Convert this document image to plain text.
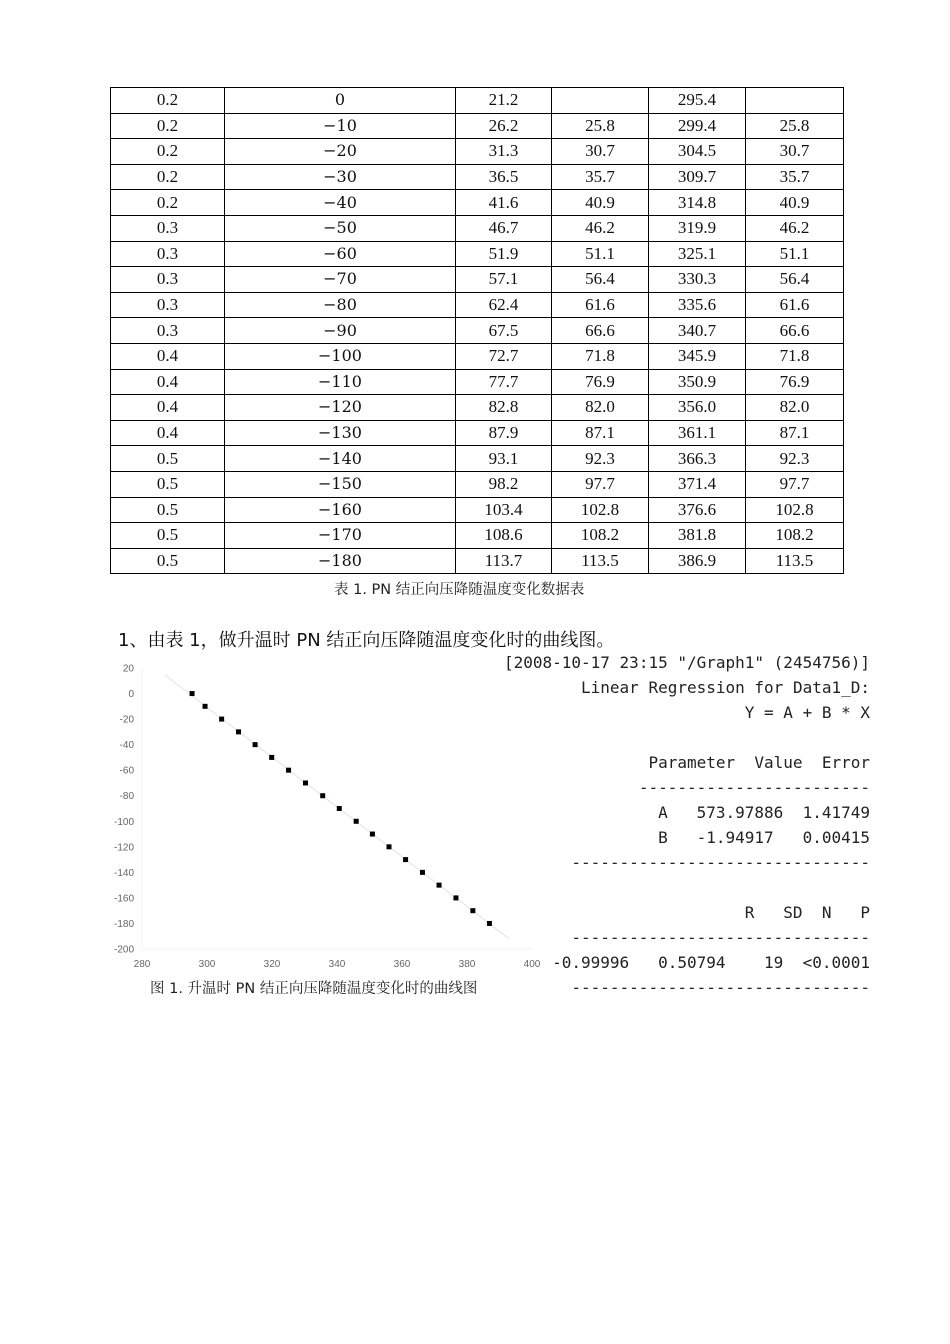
0.2	0	21.2		295.4	
0.2	−10	26.2	25.8	299.4	25.8
0.2	−20	31.3	30.7	304.5	30.7
0.2	−30	36.5	35.7	309.7	35.7
0.2	−40	41.6	40.9	314.8	40.9
0.3	−50	46.7	46.2	319.9	46.2
0.3	−60	51.9	51.1	325.1	51.1
0.3	−70	57.1	56.4	330.3	56.4
0.3	−80	62.4	61.6	335.6	61.6
0.3	−90	67.5	66.6	340.7	66.6
0.4	−100	72.7	71.8	345.9	71.8
0.4	−110	77.7	76.9	350.9	76.9
0.4	−120	82.8	82.0	356.0	82.0
0.4	−130	87.9	87.1	361.1	87.1
0.5	−140	93.1	92.3	366.3	92.3
0.5	−150	98.2	97.7	371.4	97.7
0.5	−160	103.4	102.8	376.6	102.8
0.5	−170	108.6	108.2	381.8	108.2
0.5	−180	113.7	113.5	386.9	113.5
表 1. PN 结正向压降随温度变化数据表
1、由表 1，做升温时 PN 结正向压降随温度变化时的曲线图。
20
0
-20
-40
-60
-80
-100
-120
-140
-160
-180
-200
280	300	320	340	360	380	400
[2008-10-17 23:15 "/Graph1" (2454756)]
Linear Regression for Data1_D:
Y = A + B * X
Parameter  Value  Error
------------------------
A   573.97886  1.41749
B   -1.94917   0.00415
-------------------------------
R   SD  N   P
-------------------------------
-0.99996   0.50794    19  <0.0001
-------------------------------
图 1. 升温时 PN 结正向压降随温度变化时的曲线图
